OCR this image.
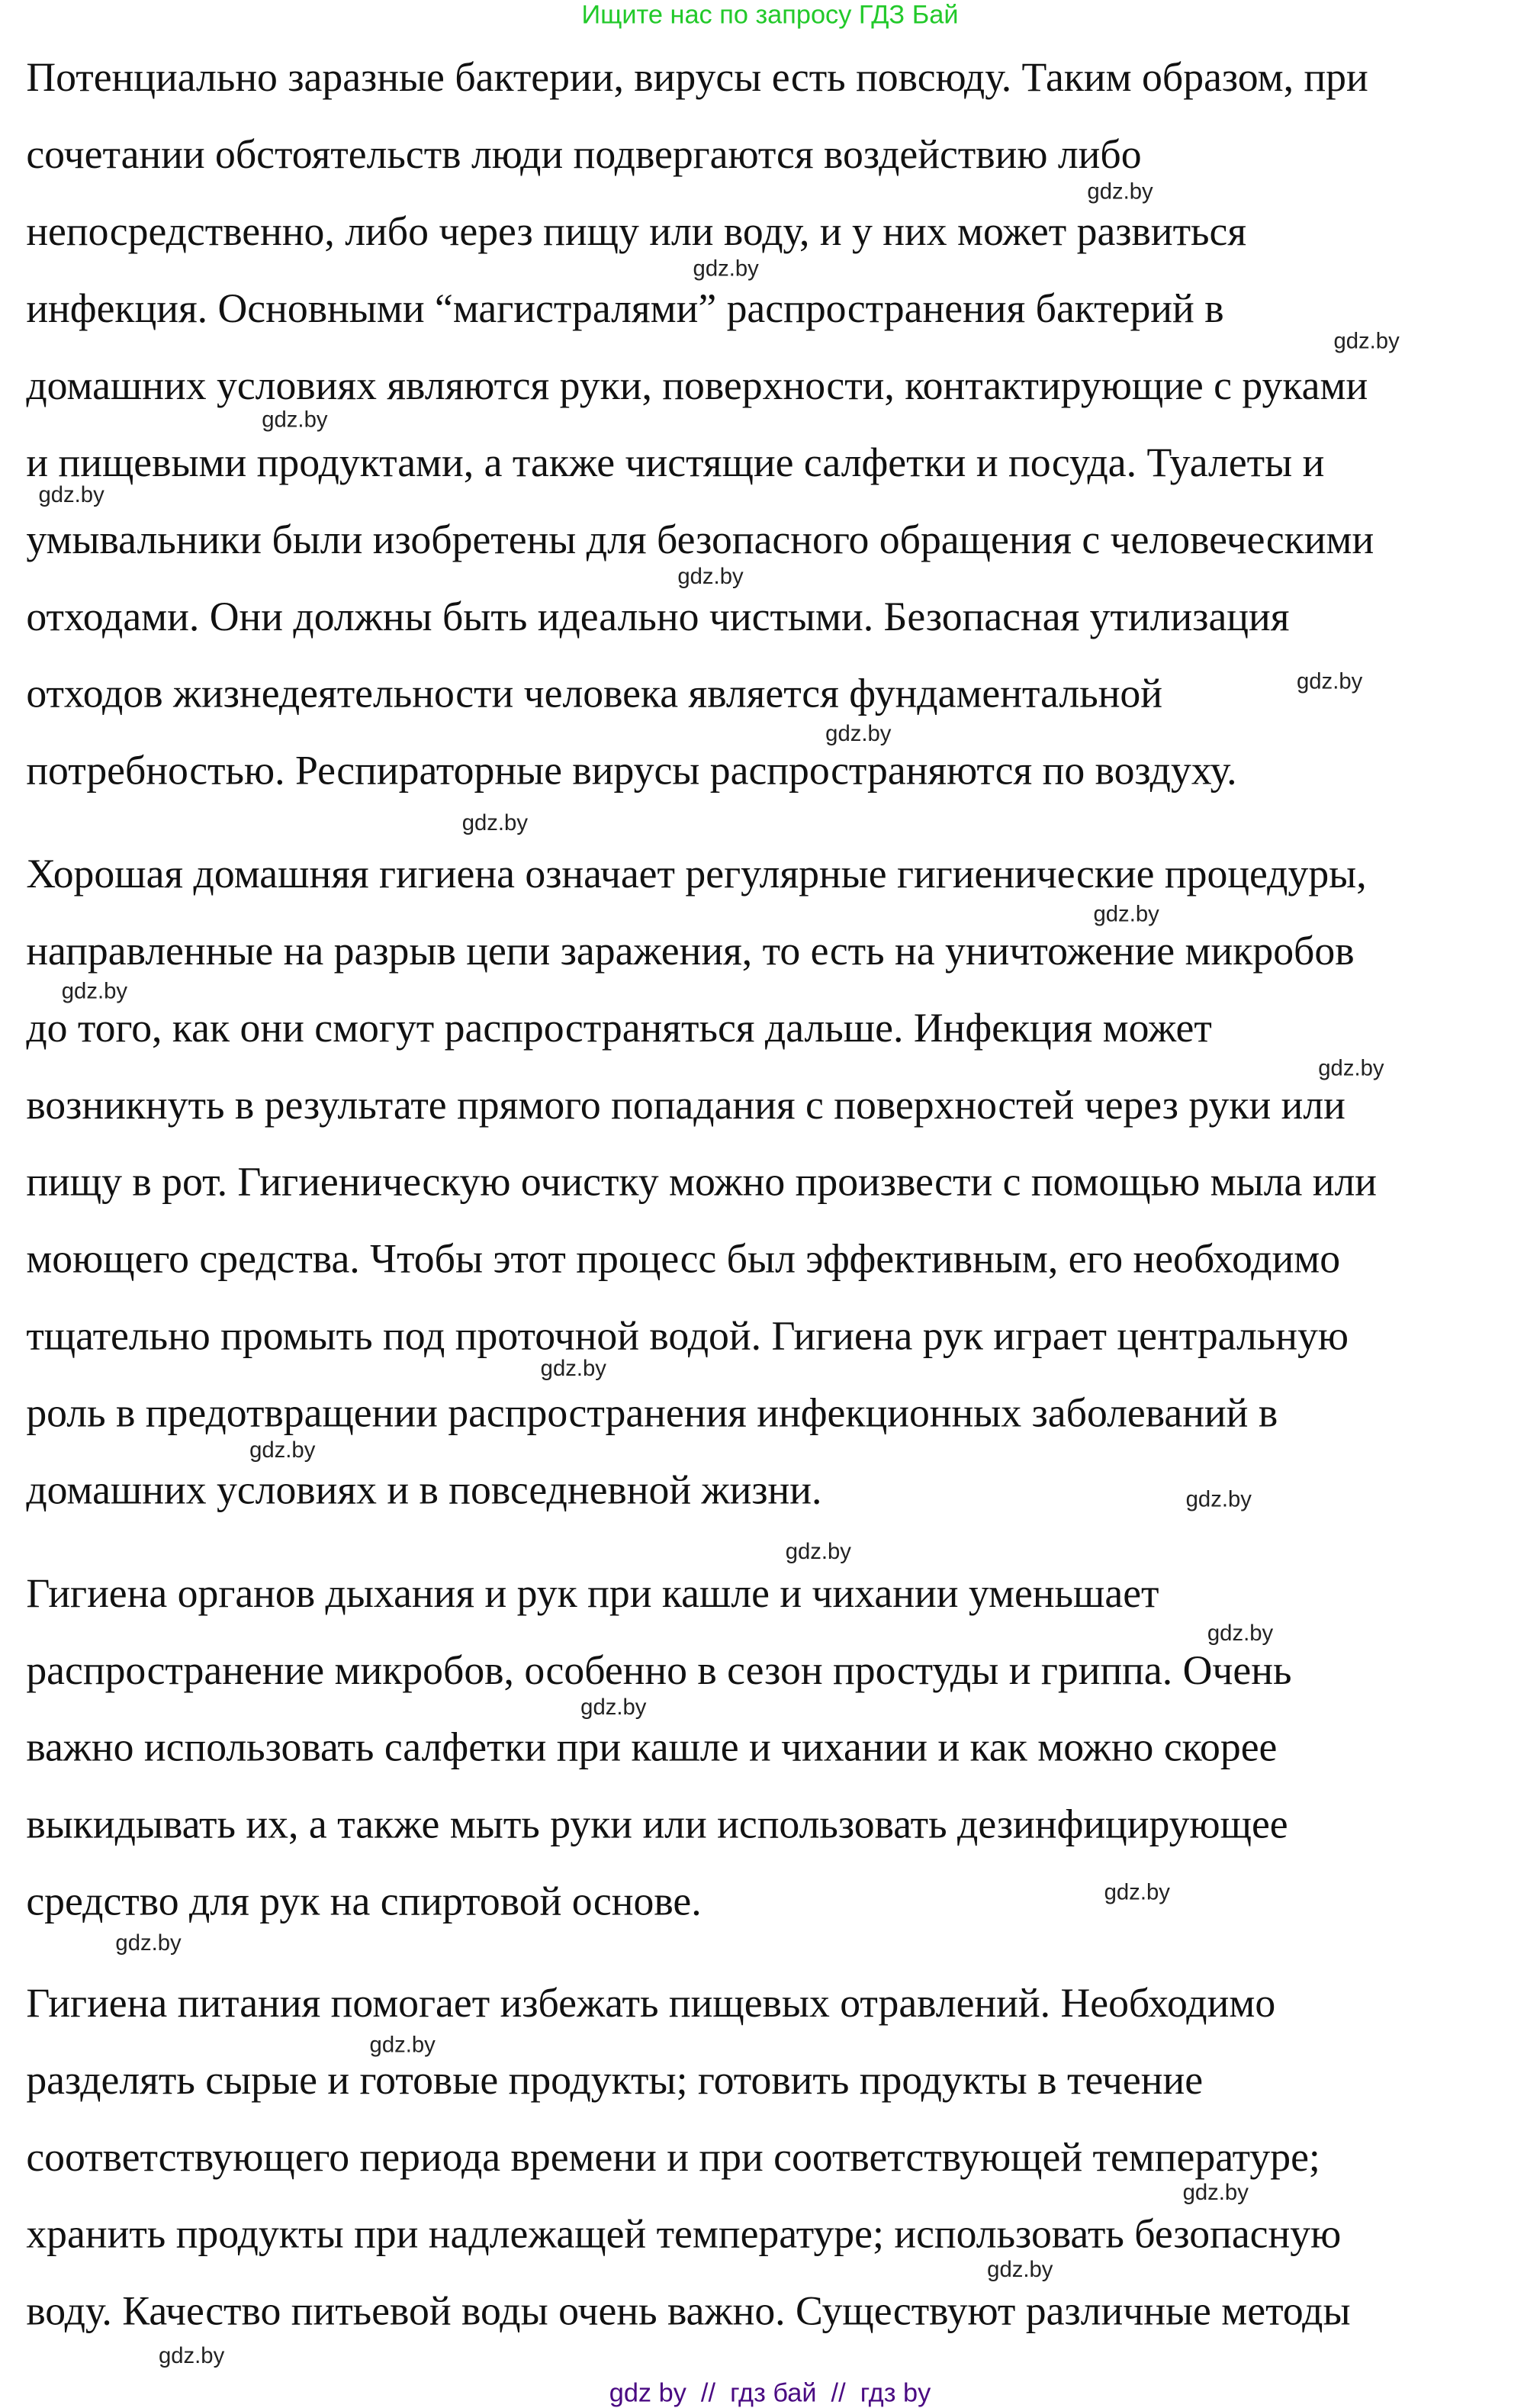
Ищите нас по запросу ГДЗ Бай
Потенциально заразные бактерии, вирусы есть повсюду. Таким образом, при
сочетании обстоятельств люди подвергаются воздействию либо
непосредственно, либо через пищу или воду, и у них может развиться
инфекция. Основными “магистралями” распространения бактерий в
домашних условиях являются руки, поверхности, контактирующие с руками
и пищевыми продуктами, а также чистящие салфетки и посуда. Туалеты и
умывальники были изобретены для безопасного обращения с человеческими
отходами. Они должны быть идеально чистыми. Безопасная утилизация
отходов жизнедеятельности человека является фундаментальной
потребностью. Респираторные вирусы распространяются по воздуху.
Хорошая домашняя гигиена означает регулярные гигиенические процедуры,
направленные на разрыв цепи заражения, то есть на уничтожение микробов
до того, как они смогут распространяться дальше. Инфекция может
возникнуть в результате прямого попадания с поверхностей через руки или
пищу в рот. Гигиеническую очистку можно произвести с помощью мыла или
моющего средства. Чтобы этот процесс был эффективным, его необходимо
тщательно промыть под проточной водой. Гигиена рук играет центральную
роль в предотвращении распространения инфекционных заболеваний в
домашних условиях и в повседневной жизни.
Гигиена органов дыхания и рук при кашле и чихании уменьшает
распространение микробов, особенно в сезон простуды и гриппа. Очень
важно использовать салфетки при кашле и чихании и как можно скорее
выкидывать их, а также мыть руки или использовать дезинфицирующее
средство для рук на спиртовой основе.
Гигиена питания помогает избежать пищевых отравлений. Необходимо
разделять сырые и готовые продукты; готовить продукты в течение
соответствующего периода времени и при соответствующей температуре;
хранить продукты при надлежащей температуре; использовать безопасную
воду. Качество питьевой воды очень важно. Существуют различные методы
gdz.by
gdz.by
gdz.by
gdz.by
gdz.by
gdz.by
gdz.by
gdz.by
gdz.by
gdz.by
gdz.by
gdz.by
gdz.by
gdz.by
gdz.by
gdz.by
gdz.by
gdz.by
gdz.by
gdz.by
gdz.by
gdz.by
gdz.by
gdz.by
gdz by  //  гдз бай  //  гдз by
